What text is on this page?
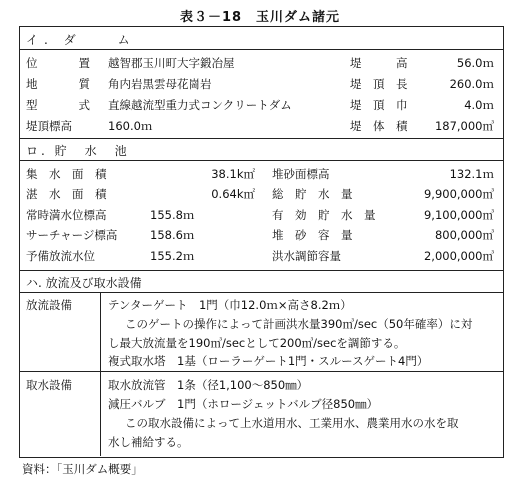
表３－18　玉川ダム諸元
イ. ダ　　ム
位　　置 越智郡玉川町大字鍛冶屋	堤　　　高	56.0ｍ
地　　質 角内岩黒雲母花崗岩	堤　頂　長	260.0ｍ
型　　式 直線越流型重力式コンクリートダム	堤　頂　巾	4.0ｍ
堤頂標高	160.0ｍ	堤　体　積	187,000㎥
ロ. 貯　水　池
集　水　面　積	38.1k㎡ 堆砂面標高	132.1ｍ
湛　水　面　積	0.64k㎡ 総　貯　水　量	9,900,000㎥
常時満水位標高	155.8ｍ	有　効　貯　水　量	9,100,000㎥
サーチャージ標高	158.6ｍ	堆　砂　容　量	800,000㎥
予備放流水位	155.2ｍ	洪水調節容量	2,000,000㎥
ハ. 放流及び取水設備
放流設備	テンターゲート　1門（巾12.0ｍ×高さ8.2ｍ）
このゲートの操作によって計画洪水量390㎥/sec（50年確率）に対
し最大放流量を190㎥/secとして200㎥/secを調節する。
複式取水塔　1基（ローラーゲート1門・スルースゲート4門）
取水設備	取水放流管　1条（径1,100～850㎜）
減圧バルブ　1門（ホロージェットバルブ径850㎜）
この取水設備によって上水道用水、工業用水、農業用水の水を取
水し補給する。
資料：「玉川ダム概要」
